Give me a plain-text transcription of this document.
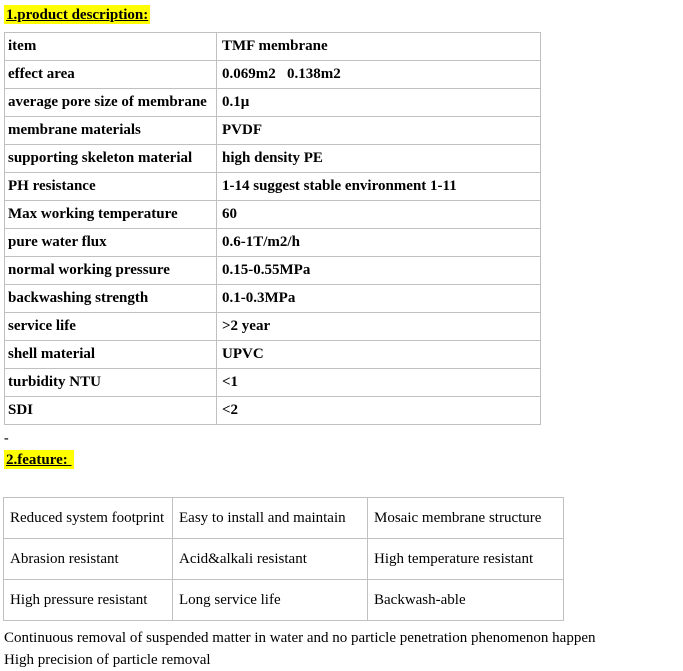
1.product description:

item	TMF membrane
effect area	0.069m2   0.138m2
average pore size of membrane	0.1μ
membrane materials	PVDF
supporting skeleton material	high density PE
PH resistance	1-14 suggest stable environment 1-11
Max working temperature	60
pure water flux	0.6-1T/m2/h
normal working pressure	0.15-0.55MPa
backwashing strength	0.1-0.3MPa
service life	>2 year
shell material	UPVC
turbidity NTU	<1
SDI	<2

-

2.feature:

Reduced system footprint	Easy to install and maintain	Mosaic membrane structure
Abrasion resistant	Acid&alkali resistant	High temperature resistant
High pressure resistant	Long service life	Backwash-able

Continuous removal of suspended matter in water and no particle penetration phenomenon happen

High precision of particle removal
